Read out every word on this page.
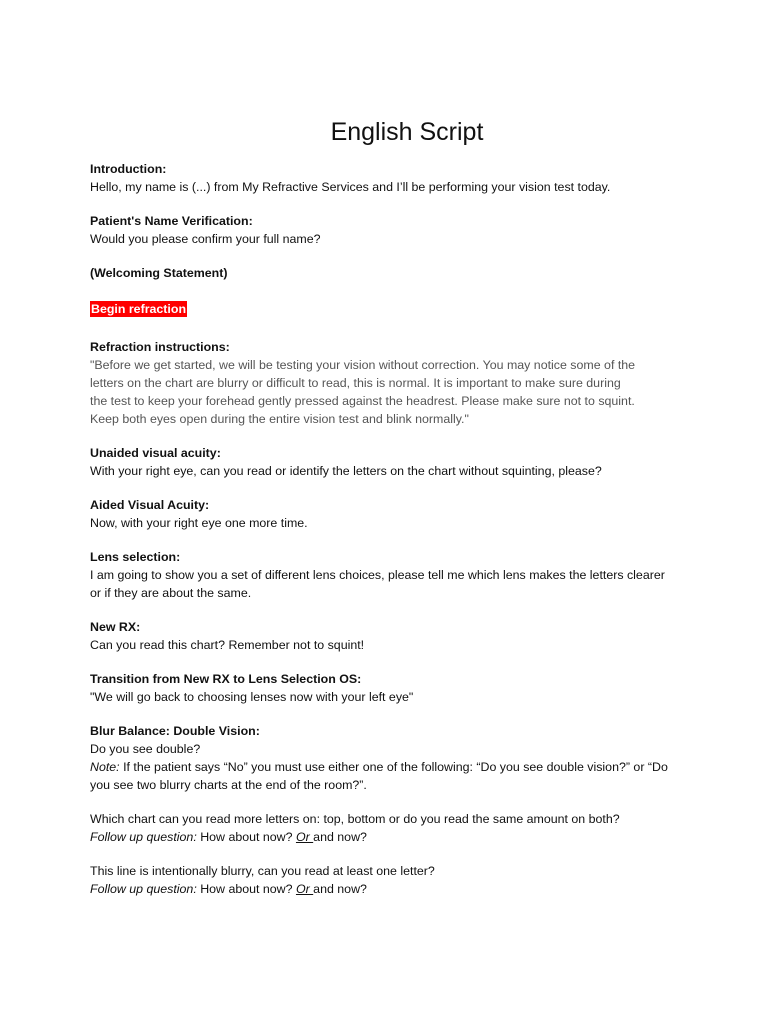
English Script

Introduction:

Hello, my name is (...) from My Refractive Services and I’ll be performing your vision test today.

Patient's Name Verification:

Would you please confirm your full name?

(Welcoming Statement)

Begin refraction

Refraction instructions:

"Before we get started, we will be testing your vision without correction. You may notice some of the

letters on the chart are blurry or difficult to read, this is normal. It is important to make sure during

the test to keep your forehead gently pressed against the headrest. Please make sure not to squint.

Keep both eyes open during the entire vision test and blink normally."

Unaided visual acuity:

With your right eye, can you read or identify the letters on the chart without squinting, please?

Aided Visual Acuity:

Now, with your right eye one more time.

Lens selection:

I am going to show you a set of different lens choices, please tell me which lens makes the letters clearer

or if they are about the same.

New RX:

Can you read this chart? Remember not to squint!

Transition from New RX to Lens Selection OS:

"We will go back to choosing lenses now with your left eye"

Blur Balance: Double Vision:

Do you see double?

Note: If the patient says “No” you must use either one of the following: “Do you see double vision?” or “Do

you see two blurry charts at the end of the room?”.

Which chart can you read more letters on: top, bottom or do you read the same amount on both?

Follow up question: How about now? Or and now?

This line is intentionally blurry, can you read at least one letter?

Follow up question: How about now? Or and now?
